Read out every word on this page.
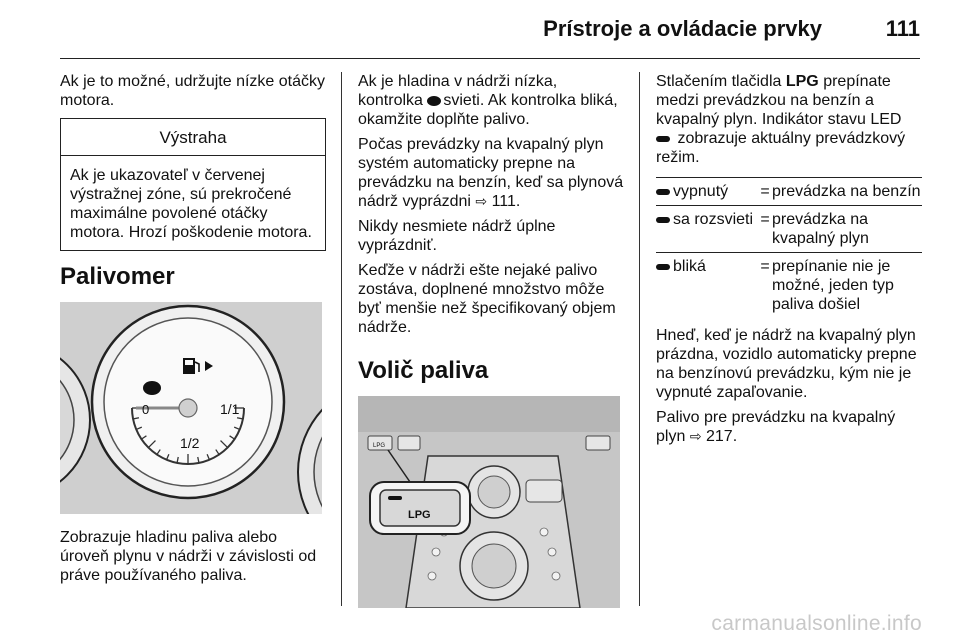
Prístroje a ovládacie prvky	111

Ak je to možné, udržujte nízke otáčky motora.

Výstraha
Ak je ukazovateľ v červenej výstražnej zóne, sú prekročené maximálne povolené otáčky motora. Hrozí poškodenie motora.
Palivomer
0	1/1
1/2

Zobrazuje hladinu paliva alebo úroveň plynu v nádrži v závislosti od práve používaného paliva.

Ak je hladina v nádrži nízka, kontrolka svieti. Ak kontrolka bliká, okamžite doplňte palivo.

Počas prevádzky na kvapalný plyn systém automaticky prepne na prevádzku na benzín, keď sa plynová nádrž vyprázdni ⇨ 111.

Nikdy nesmiete nádrž úplne vyprázdniť.

Keďže v nádrži ešte nejaké palivo zostáva, doplnené množstvo môže byť menšie než špecifikovaný objem nádrže.

Volič paliva
LPG
LPG

Stlačením tlačidla LPG prepínate medzi prevádzkou na benzín a kvapalný plyn. Indikátor stavu LED  zobrazuje aktuálny prevádzkový režim.

vypnutý	= prevádzka na benzín
sa rozsvieti = prevádzka na kvapalný plyn
bliká	= prepínanie nie je možné, jeden typ paliva došiel

Hneď, keď je nádrž na kvapalný plyn prázdna, vozidlo automaticky prepne na benzínovú prevádzku, kým nie je vypnuté zapaľovanie.

Palivo pre prevádzku na kvapalný plyn ⇨ 217.

carmanualsonline.info
